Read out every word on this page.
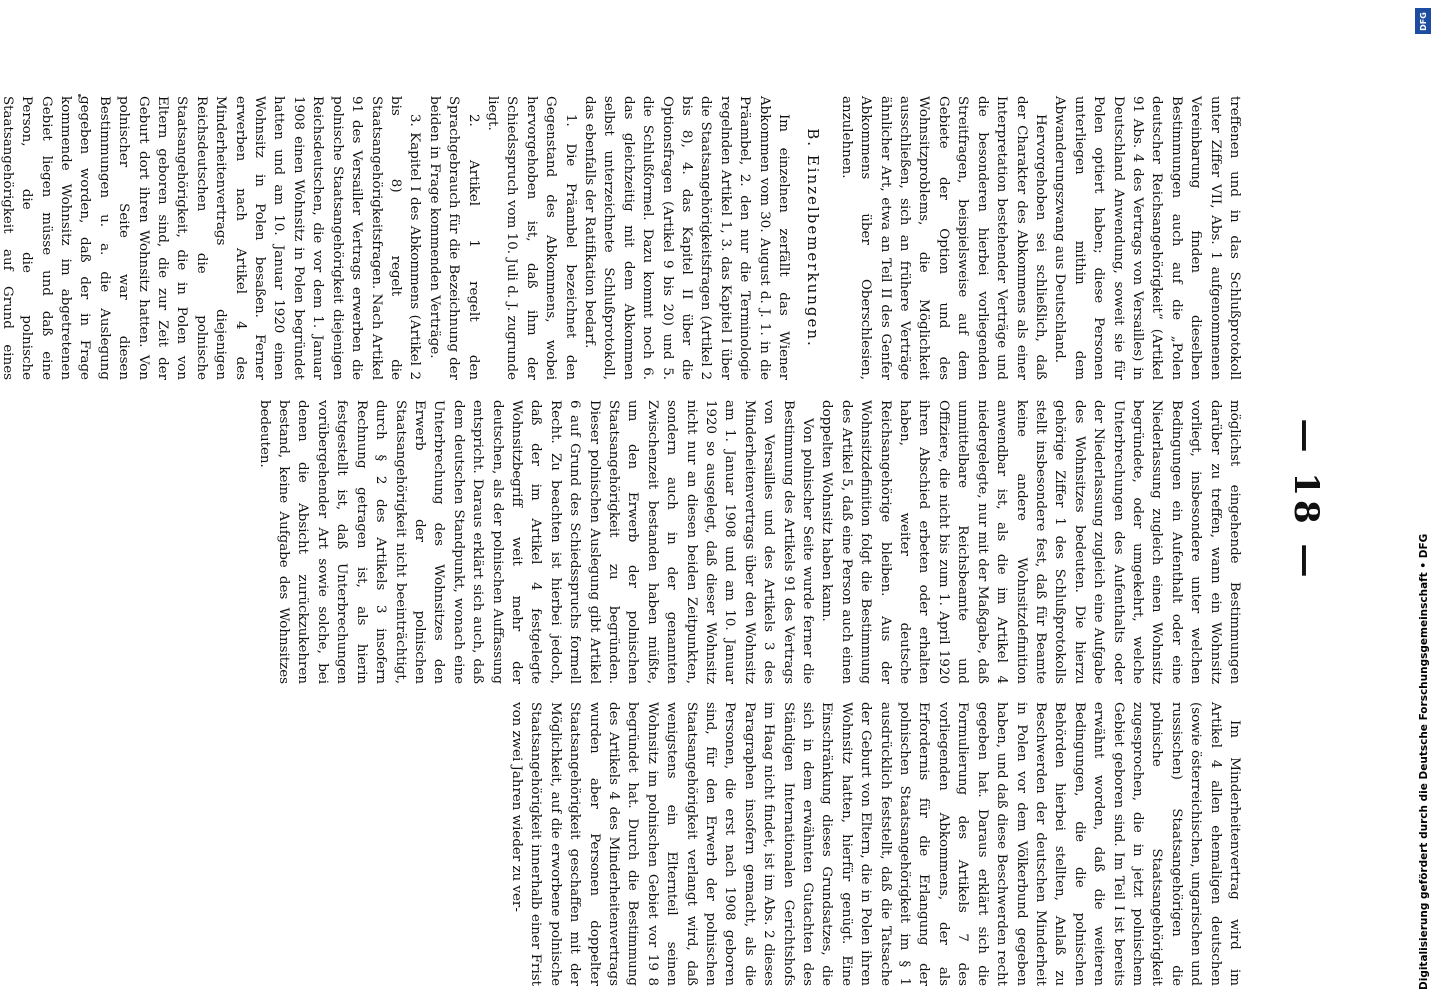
— 18 —

treffenen und in das Schlußprotokoll unter Ziffer VII, Abs. 1 aufgenommenen Vereinbarung finden dieselben Bestimmungen auch auf die „Polen deutscher Reichsangehörigkeit“ (Artikel 91 Abs. 4 des Vertrags von Versailles) in Deutschland Anwendung, soweit sie für Polen optiert haben; diese Personen unterliegen mithin dem Abwanderungszwang aus Deutschland.

Hervorgehoben sei schließlich, daß der Charakter des Abkommens als einer Interpretation bestehender Verträge und die besonderen hierbei vorliegenden Streitfragen, beispielsweise auf dem Gebiete der Option und des Wohnsitzproblems, die Möglichkeit ausschließen, sich an frühere Verträge ähnlicher Art, etwa an Teil II des Genfer Abkommens über Oberschlesien, anzulehnen.

B. Einzelbemerkungen.

Im einzelnen zerfällt das Wiener Abkommen vom 30. August d. J. 1. in die Präambel, 2. den nur die Terminologie regelnden Artikel 1, 3. das Kapitel I über die Staatsangehörigkeitsfragen (Artikel 2 bis 8), 4. das Kapitel II über die Optionsfragen (Artikel 9 bis 20) und 5. die Schlußformel. Dazu kommt noch 6. das gleichzeitig mit dem Abkommen selbst unterzeichnete Schlußprotokoll, das ebenfalls der Ratifikation bedarf.

1. Die Präambel bezeichnet den Gegenstand des Abkommens, wobei hervorgehoben ist, daß ihm der Schiedsspruch vom 10. Juli d. J. zugrunde liegt.

2. Artikel 1 regelt den Sprachgebrauch für die Bezeichnung der beiden in Frage kommenden Verträge.

3. Kapitel I des Abkommens (Artikel 2 bis 8) regelt die Staatsangehörigkeitsfragen. Nach Artikel 91 des Versailler Vertrags erwerben die polnische Staatsangehörigkeit diejenigen Reichsdeutschen, die vor dem 1. Januar 1908 einen Wohnsitz in Polen begründet hatten und am 10. Januar 1920 einen Wohnsitz in Polen besaßen. Ferner erwerben nach Artikel 4 des Minderheitenvertrags diejenigen Reichsdeutschen die polnische Staatsangehörigkeit, die in Polen von Eltern geboren sind, die zur Zeit der Geburt dort ihren Wohnsitz hatten. Von polnischer Seite war diesen Bestimmungen u. a. die Auslegung gegeben worden, daß der in Frage kommende Wohnsitz im abgetretenen Gebiet liegen müsse und daß eine Person, die die polnische Staatsangehörigkeit auf Grund eines

möglichst eingehende Bestimmungen darüber zu treffen, wann ein Wohnsitz vorliegt, insbesondere unter welchen Bedingungen ein Aufenthalt oder eine Niederlassung zugleich einen Wohnsitz begründete, oder umgekehrt, welche Unterbrechungen des Aufenthalts oder der Niederlassung zugleich eine Aufgabe des Wohnsitzes bedeuten. Die hierzu gehörige Ziffer 1 des Schlußprotokolls stellt insbesondere fest, daß für Beamte keine andere Wohnsitzdefinition anwendbar ist, als die im Artikel 4 niedergelegte, nur mit der Maßgabe, daß unmittelbare Reichsbeamte und Offiziere, die nicht bis zum 1. April 1920 ihren Abschied erbeten oder erhalten haben, weiter deutsche Reichsangehörige bleiben. Aus der Wohnsitzdefinition folgt die Bestimmung des Artikel 5, daß eine Person auch einen doppelten Wohnsitz haben kann.

Von polnischer Seite wurde ferner die Bestimmung des Artikels 91 des Vertrags von Versailles und des Artikels 3 des Minderheitenvertrags über den Wohnsitz am 1. Januar 1908 und am 10. Januar 1920 so ausgelegt, daß dieser Wohnsitz nicht nur an diesen beiden Zeitpunkten, sondern auch in der genannten Zwischenzeit bestanden haben müßte, um den Erwerb der polnischen Staatsangehörigkeit zu begründen. Dieser polnischen Auslegung gibt Artikel 6 auf Grund des Schiedsspruchs formell Recht. Zu beachten ist hierbei jedoch, daß der im Artikel 4 festgelegte Wohnsitzbegriff weit mehr der deutschen, als der polnischen Auffassung entspricht. Daraus erklärt sich auch, daß dem deutschen Standpunkt, wonach eine Unterbrechung des Wohnsitzes den Erwerb der polnischen Staatsangehörigkeit nicht beeinträchtigt, durch § 2 des Artikels 3 insofern Rechnung getragen ist, als hierin festgestellt ist, daß Unterbrechungen vorübergehender Art sowie solche, bei denen die Absicht zurückzukehren bestand, keine Aufgabe des Wohnsitzes bedeuten.

Im Minderheitenvertrag wird im Artikel 4 allen ehemaligen deutschen (sowie österreichischen, ungarischen und russischen) Staatsangehörigen die polnische Staatsangehörigkeit zugesprochen, die in jetzt polnischem Gebiet geboren sind. Im Teil I ist bereits erwähnt worden, daß die weiteren Bedingungen, die die polnischen Behörden hierbei stellten, Anlaß zu Beschwerden der deutschen Minderheit in Polen vor dem Völkerbund gegeben haben, und daß diese Beschwerden recht gegeben hat. Daraus erklärt sich die Formulierung des Artikels 7 des vorliegenden Abkommens, der als Erfordernis für die Erlangung der polnischen Staatsangehörigkeit im § 1 ausdrücklich feststellt, daß die Tatsache der Geburt von Eltern, die in Polen ihren Wohnsitz hatten, hierfür genügt. Eine Einschränkung dieses Grundsatzes, die sich in dem erwähnten Gutachten des Ständigen Internationalen Gerichtshofs im Haag nicht findet, ist im Abs. 2 dieses Paragraphen insofern gemacht, als die Personen, die erst nach 1908 geboren sind, für den Erwerb der polnischen Staatsangehörigkeit verlangt wird, daß wenigstens ein Elternteil seinen Wohnsitz im polnischen Gebiet vor 19 8 begründet hat. Durch die Bestimmung des Artikels 4 des Minderheitenvertrags wurden aber Personen doppelter Staatsangehörigkeit geschaffen mit der Möglichkeit, auf die erworbene polnische Staatsangehörigkeit innerhalb einer Frist von zwei Jahren wieder zu ver-

DFG
Digitalisierung gefördert durch die Deutsche Forschungsgemeinschaft • DFG
